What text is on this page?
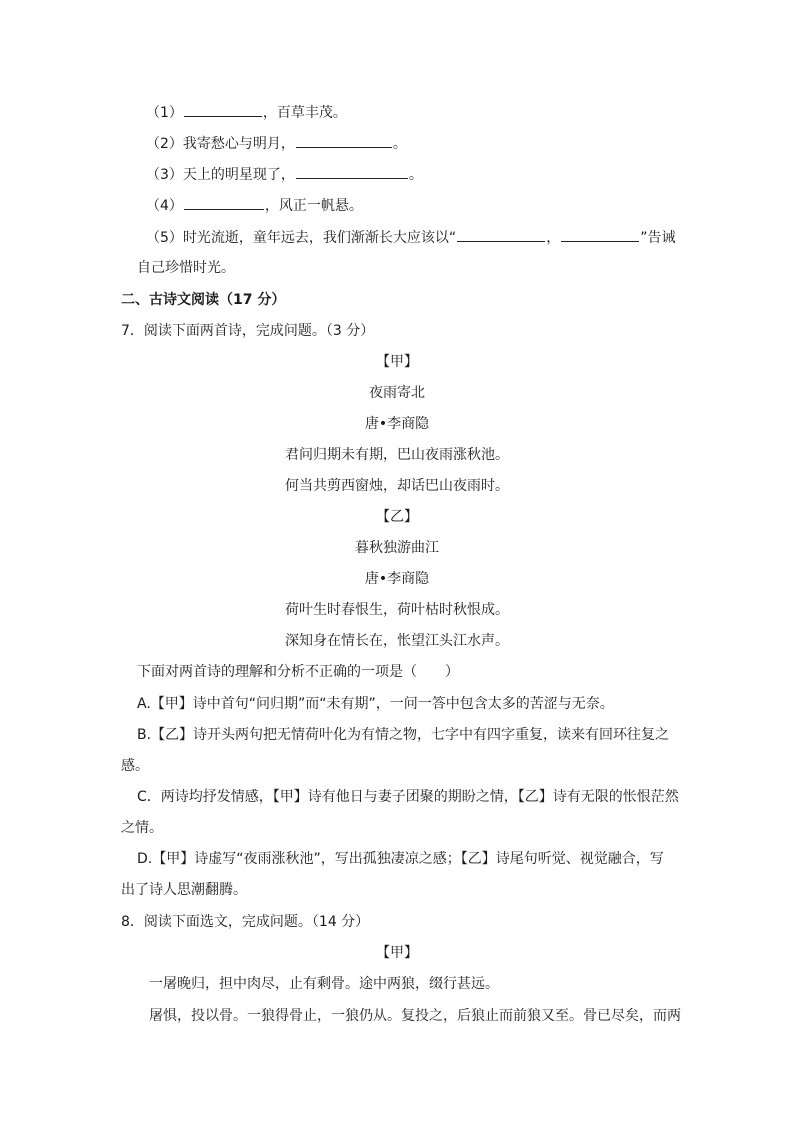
（1）	，百草丰茂。
（2）我寄愁心与明月，	。
（3）天上的明星现了，	。
（4）	，风正一帆悬。
（5）时光流逝，童年远去，我们渐渐长大应该以“	，	”告诫
自己珍惜时光。
二、古诗文阅读（17 分）
7．阅读下面两首诗，完成问题。（3 分）
【甲】
夜雨寄北
唐•李商隐
君问归期未有期，巴山夜雨涨秋池。
何当共剪西窗烛，却话巴山夜雨时。
【乙】
暮秋独游曲江
唐•李商隐
荷叶生时春恨生，荷叶枯时秋恨成。
深知身在情长在，怅望江头江水声。
下面对两首诗的理解和分析不正确的一项是（　　）
A.【甲】诗中首句“问归期”而“未有期”，一问一答中包含太多的苦涩与无奈。
B.【乙】诗开头两句把无情荷叶化为有情之物，七字中有四字重复，读来有回环往复之
感。
C．两诗均抒发情感，【甲】诗有他日与妻子团聚的期盼之情，【乙】诗有无限的怅恨茫然
之情。
D.【甲】诗虚写“夜雨涨秋池”，写出孤独凄凉之感；【乙】诗尾句听觉、视觉融合，写
出了诗人思潮翻腾。
8．阅读下面选文，完成问题。（14 分）
【甲】
一屠晚归，担中肉尽，止有剩骨。途中两狼，缀行甚远。
屠惧，投以骨。一狼得骨止，一狼仍从。复投之，后狼止而前狼又至。骨已尽矣，而两
